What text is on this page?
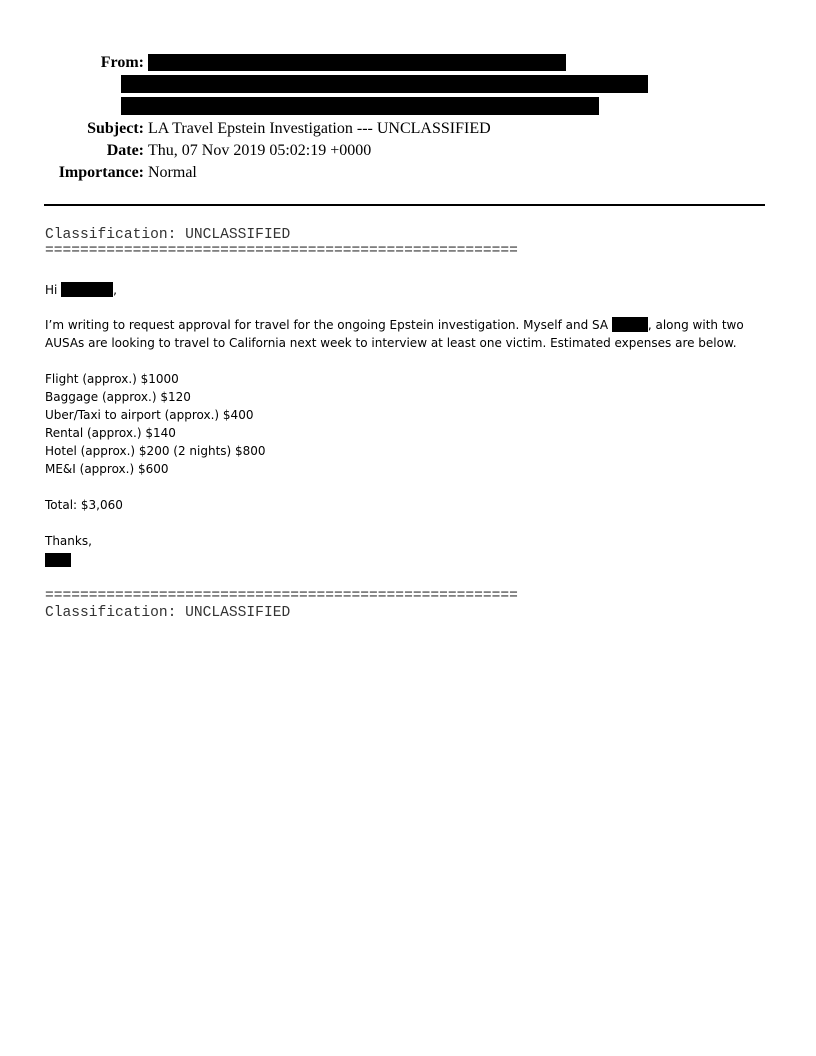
From:
Subject: LA Travel Epstein Investigation --- UNCLASSIFIED
Date: Thu, 07 Nov 2019 05:02:19 +0000
Importance: Normal
Classification: UNCLASSIFIED
======================================================
Hi	,
I’m writing to request approval for travel for the ongoing Epstein investigation. Myself and SA	, along with two
AUSAs are looking to travel to California next week to interview at least one victim. Estimated expenses are below.
Flight (approx.) $1000
Baggage (approx.) $120
Uber/Taxi to airport (approx.) $400
Rental (approx.) $140
Hotel (approx.) $200 (2 nights) $800
ME&I (approx.) $600
Total: $3,060
Thanks,
======================================================
Classification: UNCLASSIFIED
